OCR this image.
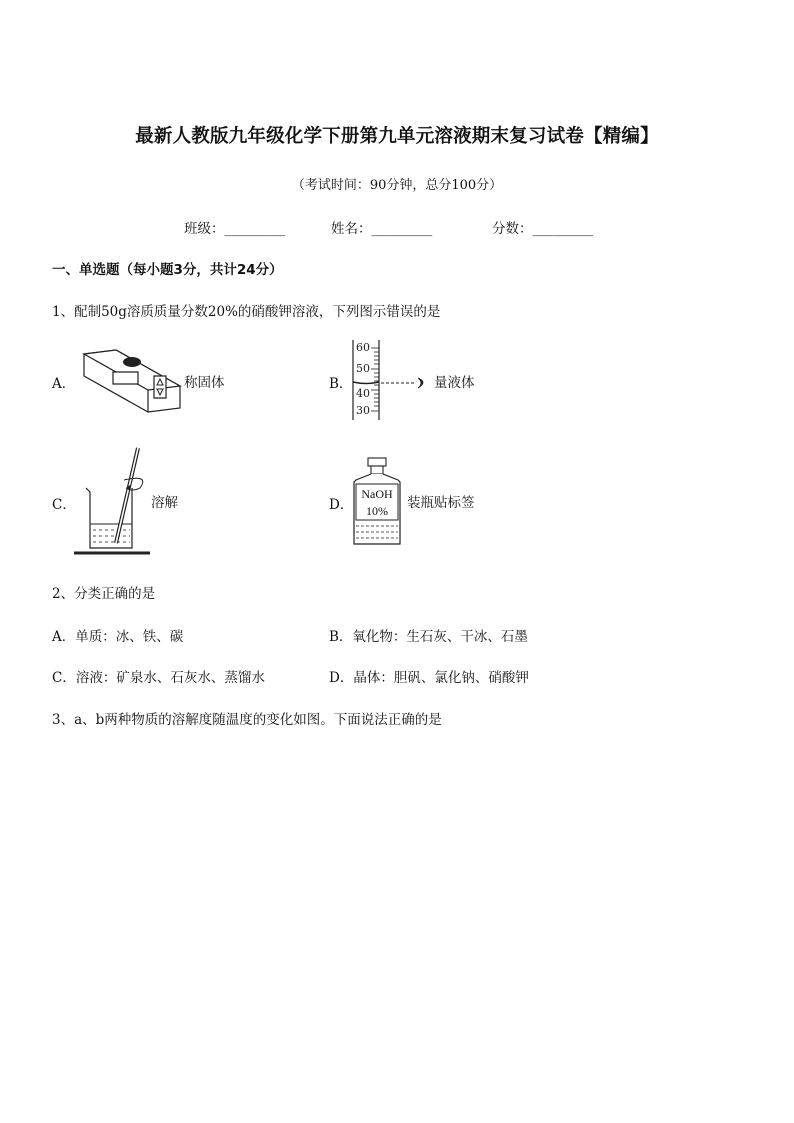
最新人教版九年级化学下册第九单元溶液期末复习试卷【精编】
（考试时间：90分钟，总分100分）
班级：_________	姓名：_________	分数：_________
一、单选题（每小题3分，共计24分）
1、配制50g溶质质量分数20%的硝酸钾溶液，下列图示错误的是
A．	称固体	B．
60
50
40
30
量液体
C．	溶解	D．
NaOH
10% 装瓶贴标签
2、分类正确的是
A．单质：冰、铁、碳	B．氧化物：生石灰、干冰、石墨
C．溶液：矿泉水、石灰水、蒸馏水	D．晶体：胆矾、氯化钠、硝酸钾
3、a、b两种物质的溶解度随温度的变化如图。下面说法正确的是
